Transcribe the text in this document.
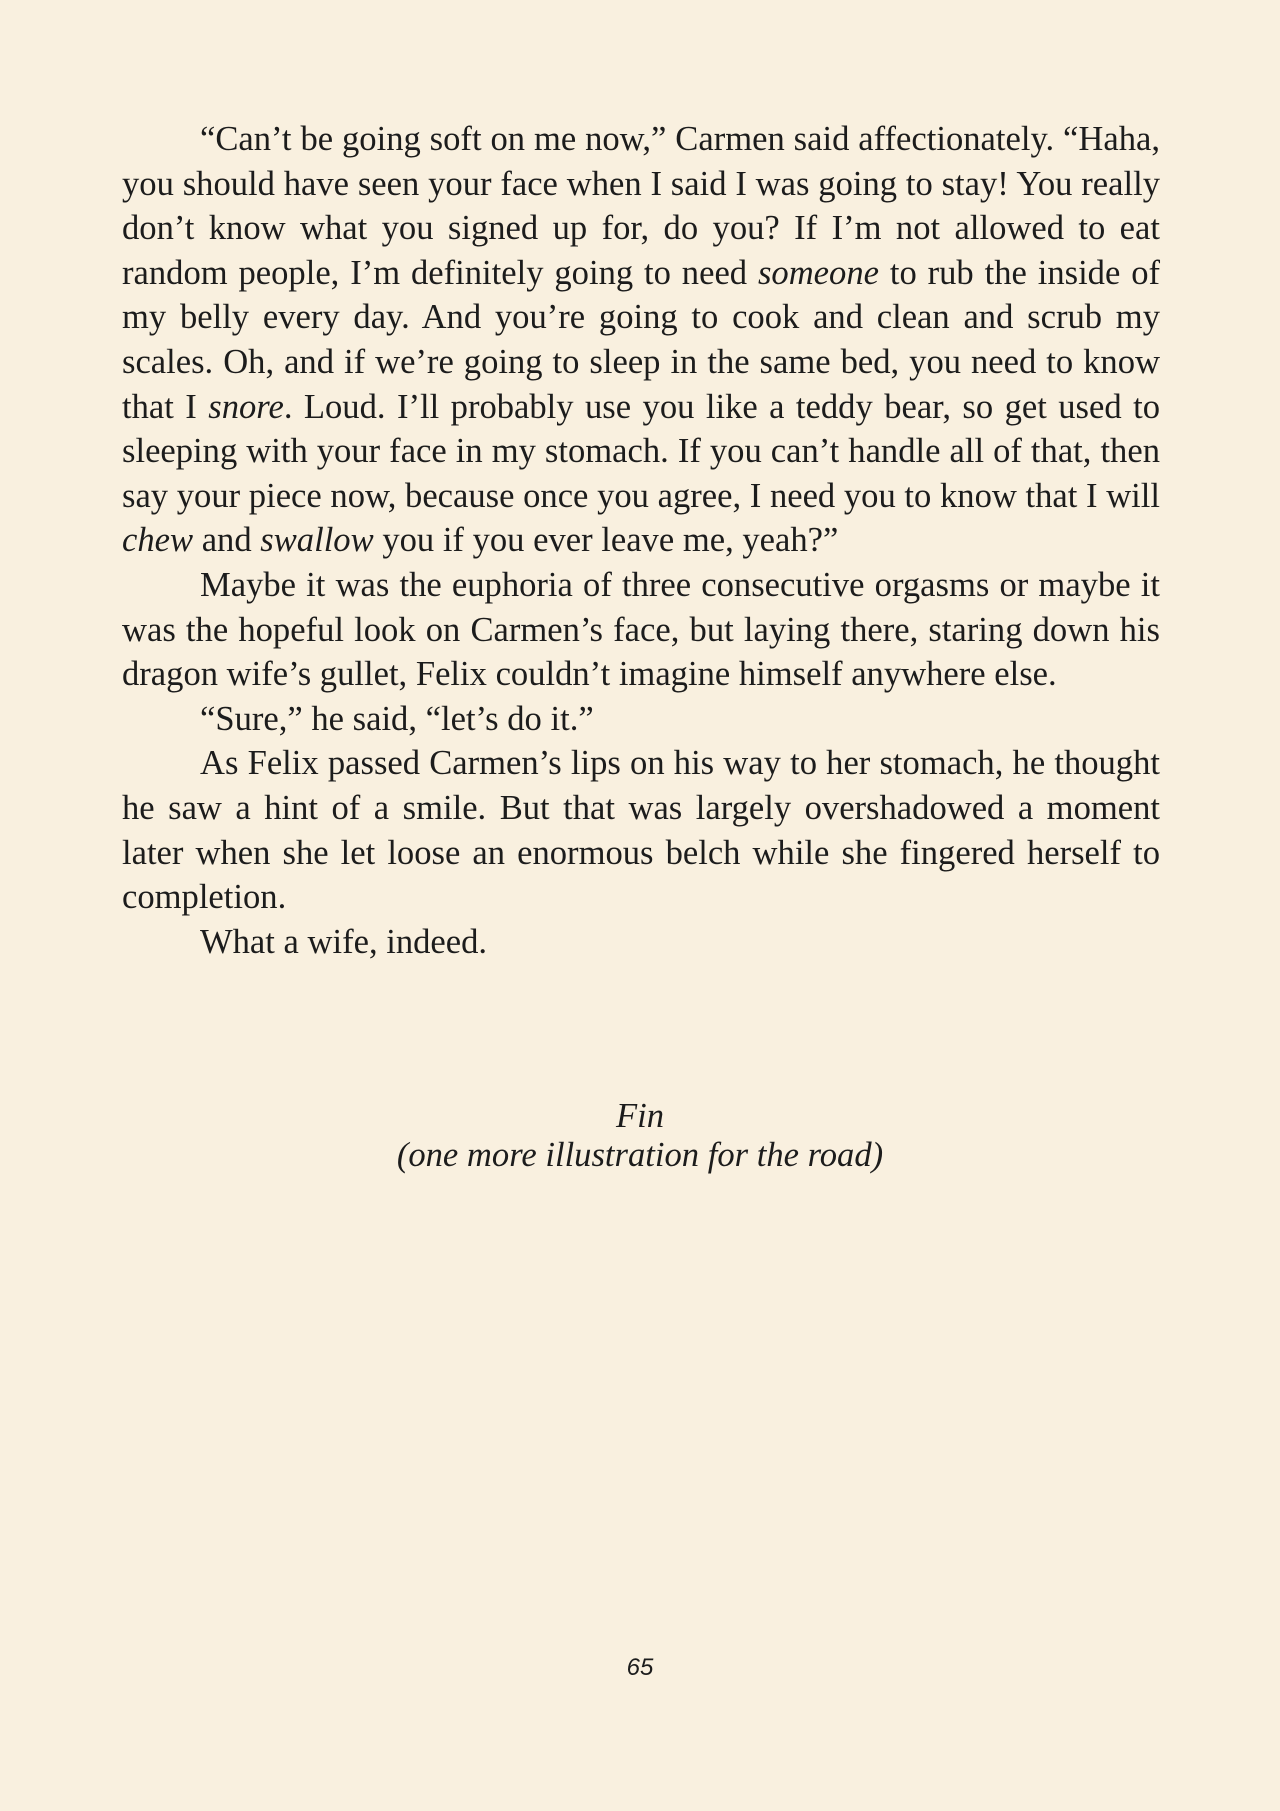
“Can’t be going soft on me now,” Carmen said affectionately. “Haha, you should have seen your face when I said I was going to stay! You really don’t know what you signed up for, do you? If I’m not allowed to eat random people, I’m definitely going to need someone to rub the inside of my belly every day. And you’re going to cook and clean and scrub my scales. Oh, and if we’re going to sleep in the same bed, you need to know that I snore. Loud. I’ll probably use you like a teddy bear, so get used to sleeping with your face in my stomach. If you can’t handle all of that, then say your piece now, because once you agree, I need you to know that I will chew and swallow you if you ever leave me, yeah?”

Maybe it was the euphoria of three consecutive orgasms or maybe it was the hopeful look on Carmen’s face, but laying there, staring down his dragon wife’s gullet, Felix couldn’t imagine himself anywhere else.

“Sure,” he said, “let’s do it.”

As Felix passed Carmen’s lips on his way to her stomach, he thought he saw a hint of a smile. But that was largely overshadowed a moment later when she let loose an enormous belch while she fingered herself to completion.

What a wife, indeed.

Fin
(one more illustration for the road)
65
